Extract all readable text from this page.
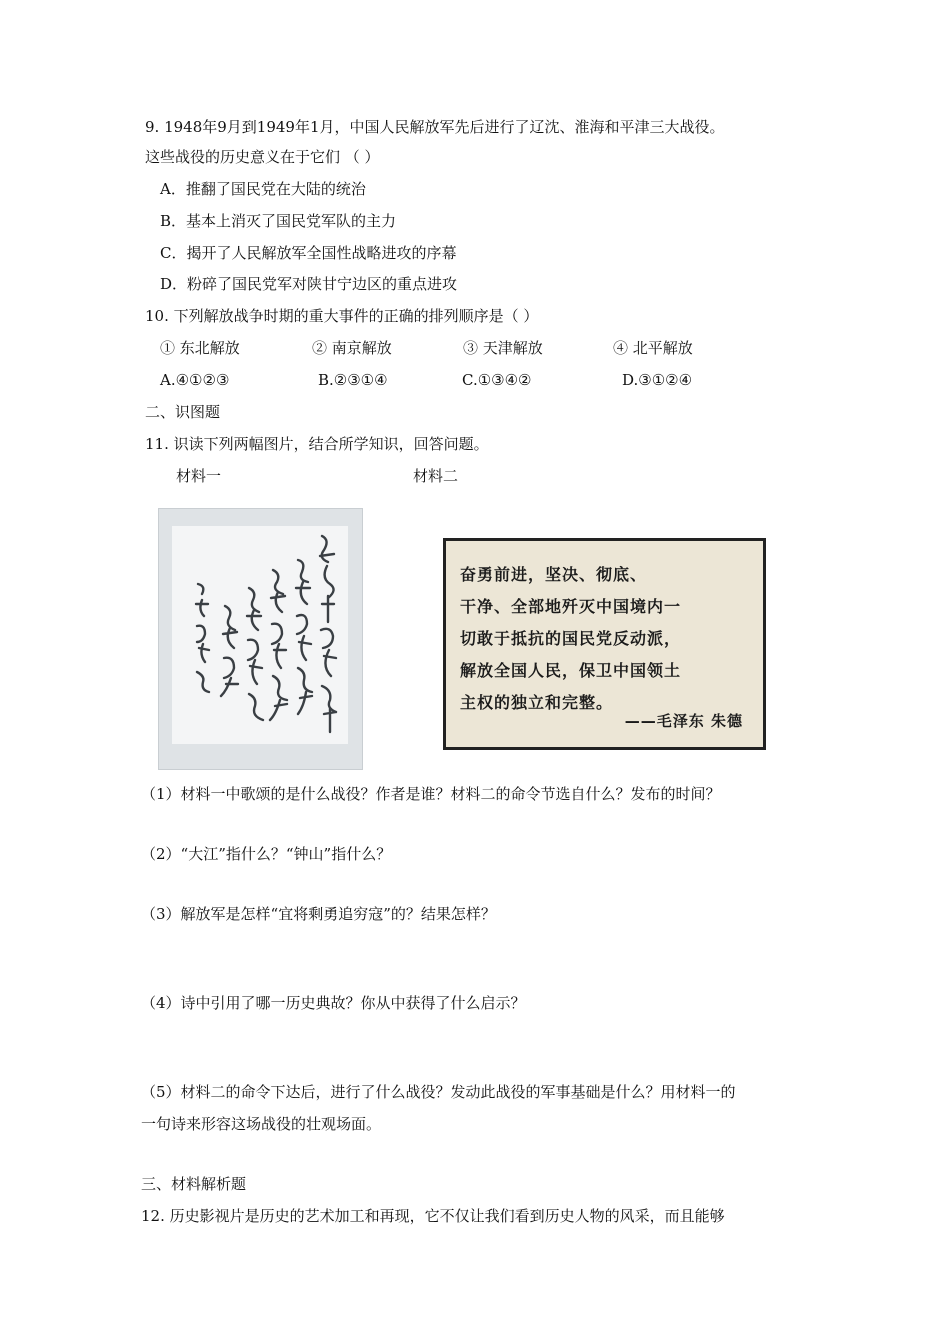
9. 1948年9月到1949年1月，中国人民解放军先后进行了辽沈、淮海和平津三大战役。
这些战役的历史意义在于它们 （ ）
A．推翻了国民党在大陆的统治
B．基本上消灭了国民党军队的主力
C．揭开了人民解放军全国性战略进攻的序幕
D．粉碎了国民党军对陕甘宁边区的重点进攻
10. 下列解放战争时期的重大事件的正确的排列顺序是（ ）
① 东北解放	② 南京解放	③ 天津解放	④ 北平解放
A.④①②③	B.②③①④	C.①③④②	D.③①②④
二、识图题
11. 识读下列两幅图片，结合所学知识，回答问题。
材料一	材料二
奋勇前进，坚决、彻底、
干净、全部地歼灭中国境内一
切敢于抵抗的国民党反动派，
解放全国人民，保卫中国领土
主权的独立和完整。
——毛泽东 朱德
（1）材料一中歌颂的是什么战役？作者是谁？材料二的命令节选自什么？发布的时间？
（2）“大江”指什么？“钟山”指什么？
（3）解放军是怎样“宜将剩勇追穷寇”的？结果怎样？
（4）诗中引用了哪一历史典故？你从中获得了什么启示？
（5）材料二的命令下达后，进行了什么战役？发动此战役的军事基础是什么？用材料一的
一句诗来形容这场战役的壮观场面。
三、材料解析题
12. 历史影视片是历史的艺术加工和再现，它不仅让我们看到历史人物的风采，而且能够
